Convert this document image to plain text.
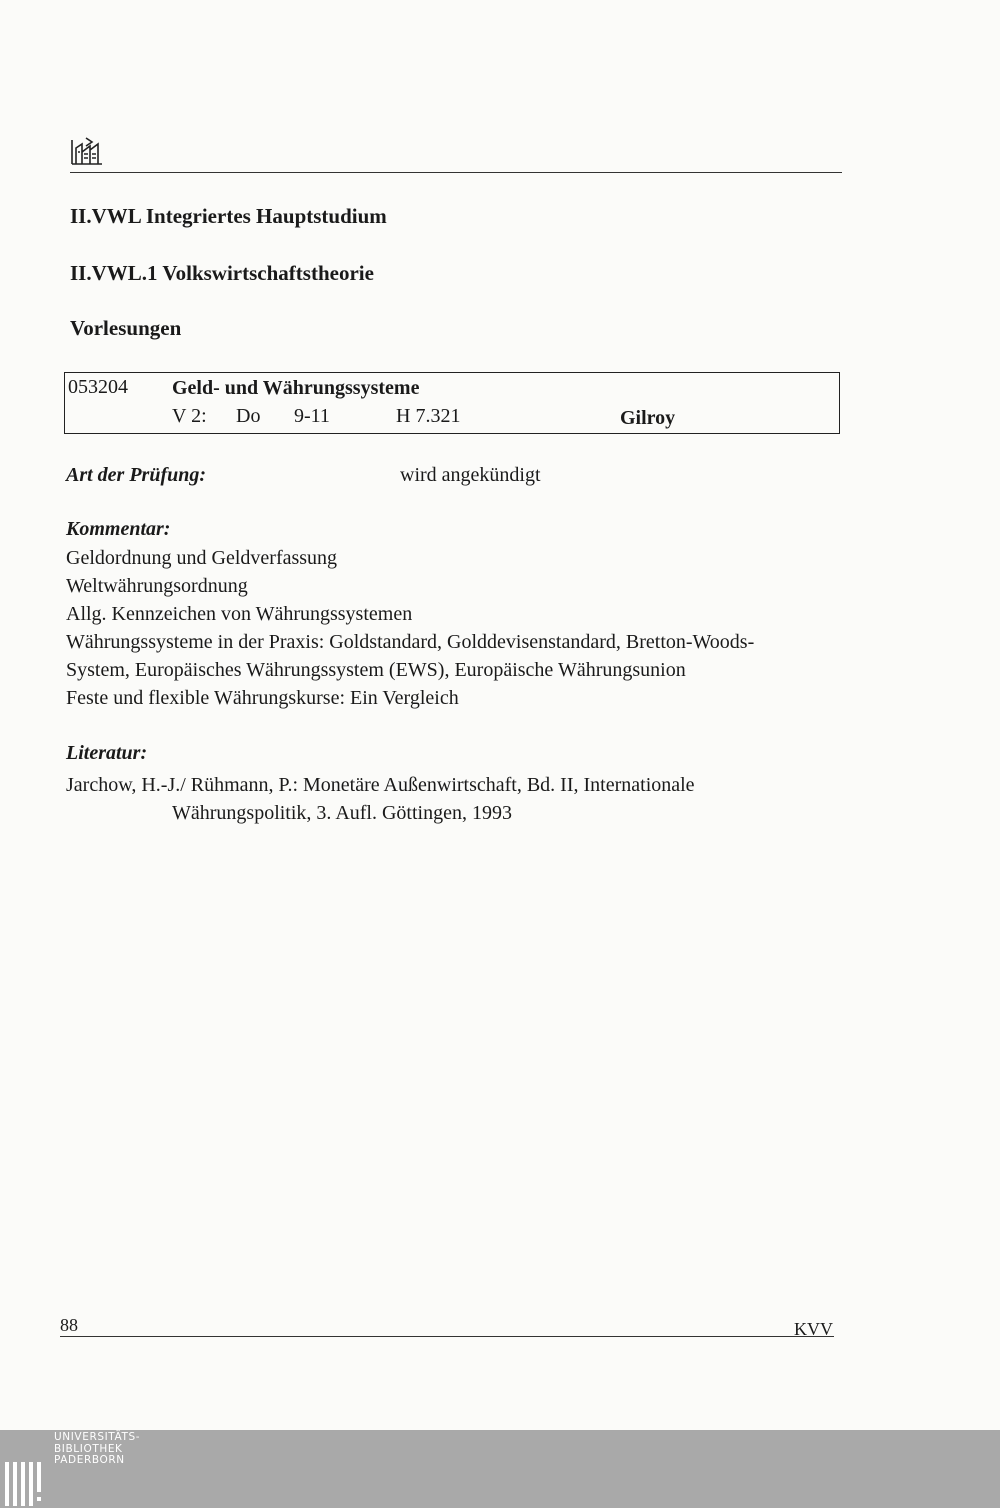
II.VWL Integriertes Hauptstudium
II.VWL.1 Volkswirtschaftstheorie
Vorlesungen
053204 Geld- und Währungssysteme
V 2: Do 9-11	H 7.321	Gilroy
Art der Prüfung:	wird angekündigt
Kommentar:
Geldordnung und Geldverfassung
Weltwährungsordnung
Allg. Kennzeichen von Währungssystemen
Währungssysteme in der Praxis: Goldstandard, Golddevisenstandard, Bretton-Woods-
System, Europäisches Währungssystem (EWS), Europäische Währungsunion
Feste und flexible Währungskurse: Ein Vergleich
Literatur:
Jarchow, H.-J./ Rühmann, P.: Monetäre Außenwirtschaft, Bd. II, Internationale
Währungspolitik, 3. Aufl. Göttingen, 1993
88	KVV
UNIVERSITÄTS-
BIBLIOTHEK
PADERBORN
